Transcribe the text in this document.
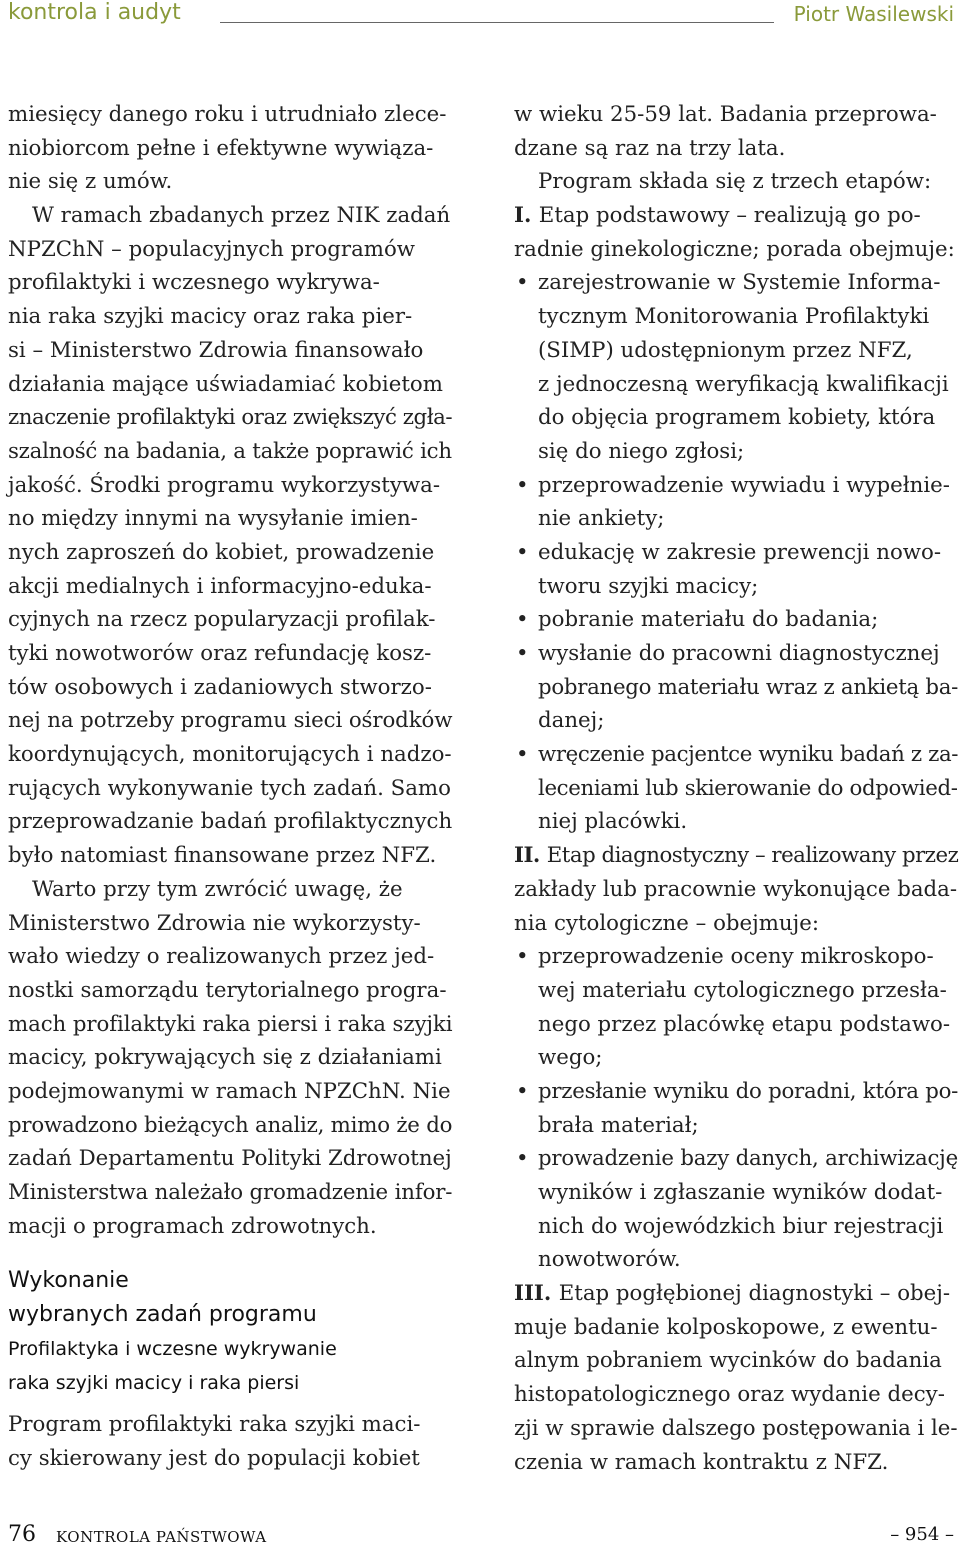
kontrola i audyt	Piotr Wasilewski
miesięcy danego roku i utrudniało zlece-
niobiorcom pełne i efektywne wywiąza-
nie się z umów.
W ramach zbadanych przez NIK zadań
NPZChN – populacyjnych programów
profilaktyki i wczesnego wykrywa-
nia raka szyjki macicy oraz raka pier-
si – Ministerstwo Zdrowia finansowało
działania mające uświadamiać kobietom
znaczenie profilaktyki oraz zwiększyć zgła-
szalność na badania, a także poprawić ich
jakość. Środki programu wykorzystywa-
no między innymi na wysyłanie imien-
nych zaproszeń do kobiet, prowadzenie
akcji medialnych i informacyjno-eduka-
cyjnych na rzecz popularyzacji profilak-
tyki nowotworów oraz refundację kosz-
tów osobowych i zadaniowych stworzo-
nej na potrzeby programu sieci ośrodków
koordynujących, monitorujących i nadzo-
rujących wykonywanie tych zadań. Samo
przeprowadzanie badań profilaktycznych
było natomiast finansowane przez NFZ.
Warto przy tym zwrócić uwagę, że
Ministerstwo Zdrowia nie wykorzysty-
wało wiedzy o realizowanych przez jed-
nostki samorządu terytorialnego progra-
mach profilaktyki raka piersi i raka szyjki
macicy, pokrywających się z działaniami
podejmowanymi w ramach NPZChN. Nie
prowadzono bieżących analiz, mimo że do
zadań Departamentu Polityki Zdrowotnej
Ministerstwa należało gromadzenie infor-
macji o programach zdrowotnych.
Wykonanie
wybranych zadań programu
Profilaktyka i wczesne wykrywanie
raka szyjki macicy i raka piersi
Program profilaktyki raka szyjki maci-
cy skierowany jest do populacji kobiet
w wieku 25-59 lat. Badania przeprowa-
dzane są raz na trzy lata.
Program składa się z trzech etapów:
I. Etap podstawowy – realizują go po-
radnie ginekologiczne; porada obejmuje:
• zarejestrowanie w Systemie Informa-
tycznym Monitorowania Profilaktyki
(SIMP) udostępnionym przez NFZ,
z jednoczesną weryfikacją kwalifikacji
do objęcia programem kobiety, która
się do niego zgłosi;
• przeprowadzenie wywiadu i wypełnie-
nie ankiety;
• edukację w zakresie prewencji nowo-
tworu szyjki macicy;
• pobranie materiału do badania;
• wysłanie do pracowni diagnostycznej
pobranego materiału wraz z ankietą ba-
danej;
• wręczenie pacjentce wyniku badań z za-
leceniami lub skierowanie do odpowied-
niej placówki.
II. Etap diagnostyczny – realizowany przez
zakłady lub pracownie wykonujące bada-
nia cytologiczne – obejmuje:
• przeprowadzenie oceny mikroskopo-
wej materiału cytologicznego przesła-
nego przez placówkę etapu podstawo-
wego;
• przesłanie wyniku do poradni, która po-
brała materiał;
• prowadzenie bazy danych, archiwizację
wyników i zgłaszanie wyników dodat-
nich do wojewódzkich biur rejestracji
nowotworów.
III. Etap pogłębionej diagnostyki – obej-
muje badanie kolposkopowe, z ewentu-
alnym pobraniem wycinków do badania
histopatologicznego oraz wydanie decy-
zji w sprawie dalszego postępowania i le-
czenia w ramach kontraktu z NFZ.
76 KONTROLA PAŃSTWOWA	– 954 –
